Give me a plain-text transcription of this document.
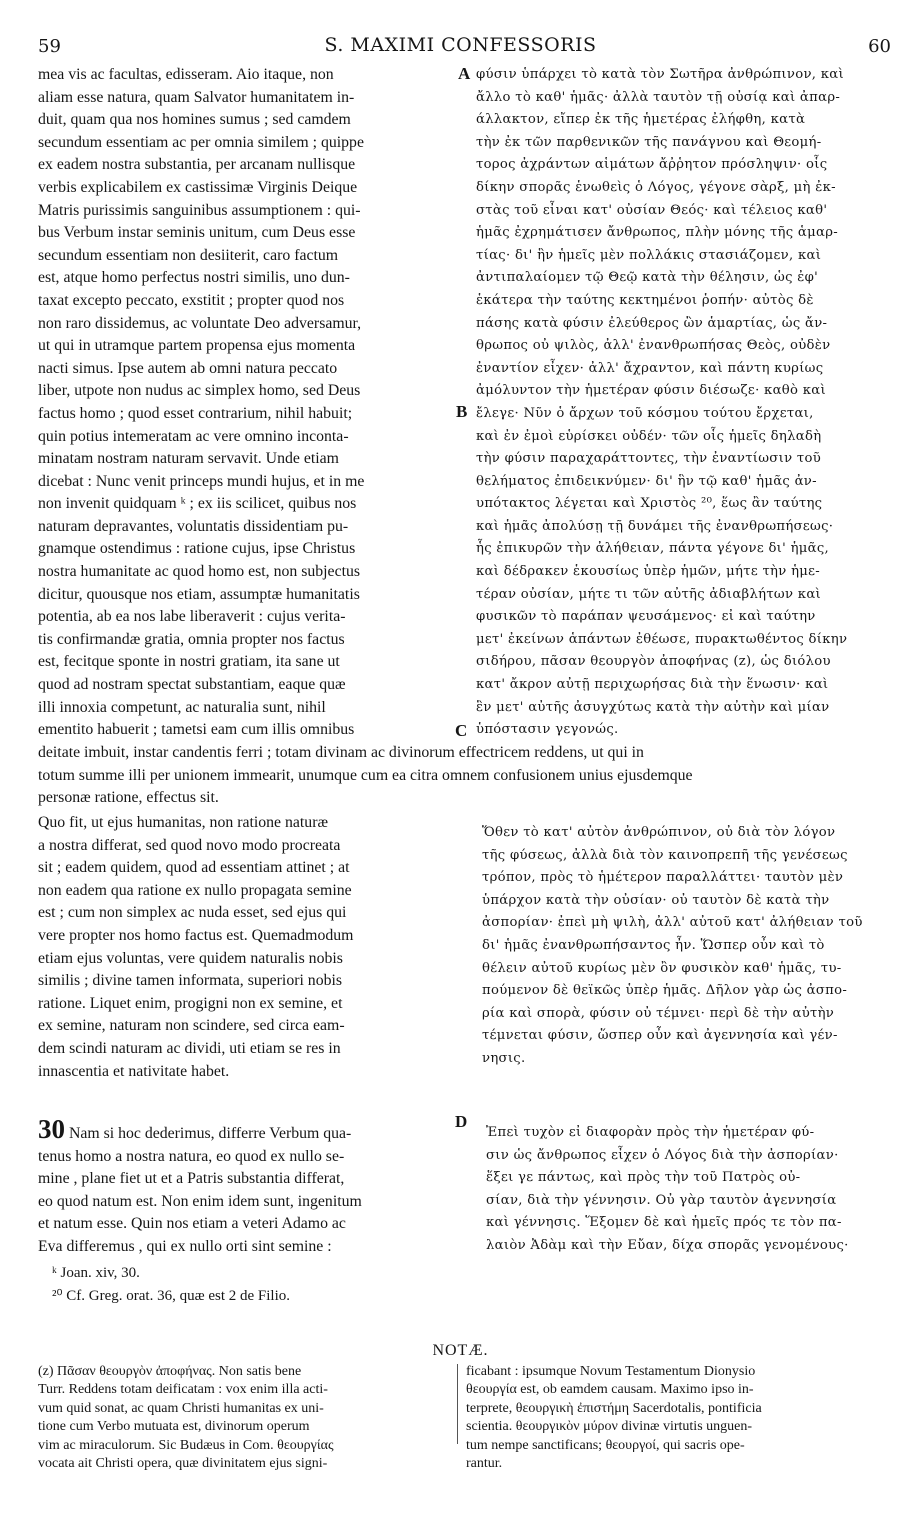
59	S. MAXIMI CONFESSORIS	60
mea vis ac facultas, edisseram. Aio itaque, non
aliam esse natura, quam Salvator humanitatem in-
duit, quam qua nos homines sumus ; sed camdem
secundum essentiam ac per omnia similem ; quippe
ex eadem nostra substantia, per arcanam nullisque
verbis explicabilem ex castissimæ Virginis Deique
Matris purissimis sanguinibus assumptionem : qui-
bus Verbum instar seminis unitum, cum Deus esse
secundum essentiam non desiiterit, caro factum
est, atque homo perfectus nostri similis, uno dun-
taxat excepto peccato, exstitit ; propter quod nos
non raro dissidemus, ac voluntate Deo adversamur,
ut qui in utramque partem propensa ejus momenta
nacti simus. Ipse autem ab omni natura peccato
liber, utpote non nudus ac simplex homo, sed Deus
factus homo ; quod esset contrarium, nihil habuit;
quin potius intemeratam ac vere omnino inconta-
minatam nostram naturam servavit. Unde etiam
dicebat : Nunc venit princeps mundi hujus, et in me
non invenit quidquam ᵏ ; ex iis scilicet, quibus nos
naturam depravantes, voluntatis dissidentiam pu-
gnamque ostendimus : ratione cujus, ipse Christus
nostra humanitate ac quod homo est, non subjectus
dicitur, quousque nos etiam, assumptæ humanitatis
potentia, ab ea nos labe liberaverit : cujus verita-
tis confirmandæ gratia, omnia propter nos factus
est, fecitque sponte in nostri gratiam, ita sane ut
quod ad nostram spectat substantiam, eaque quæ
illi innoxia competunt, ac naturalia sunt, nihil
ementito habuerit ; tametsi eam cum illis omnibus
φύσιν ὑπάρχει τὸ κατὰ τὸν Σωτῆρα ἀνθρώπινον, καὶ
ἄλλο τὸ καθ' ἡμᾶς· ἀλλὰ ταυτὸν τῇ οὐσίᾳ καὶ ἀπαρ-
άλλακτον, εἴπερ ἐκ τῆς ἡμετέρας ἐλήφθη, κατὰ
τὴν ἐκ τῶν παρθενικῶν τῆς πανάγνου καὶ Θεομή-
τορος ἀχράντων αἱμάτων ἄῤῥητον πρόσληψιν· οἷς
δίκην σπορᾶς ἑνωθεὶς ὁ Λόγος, γέγονε σὰρξ, μὴ ἐκ-
στὰς τοῦ εἶναι κατ' οὐσίαν Θεός· καὶ τέλειος καθ'
ἡμᾶς ἐχρημάτισεν ἄνθρωπος, πλὴν μόνης τῆς ἁμαρ-
τίας· δι' ἣν ἡμεῖς μὲν πολλάκις στασιάζομεν, καὶ
ἀντιπαλαίομεν τῷ Θεῷ κατὰ τὴν θέλησιν, ὡς ἐφ'
ἑκάτερα τὴν ταύτης κεκτημένοι ῥοπήν· αὐτὸς δὲ
πάσης κατὰ φύσιν ἐλεύθερος ὢν ἁμαρτίας, ὡς ἄν-
θρωπος οὐ ψιλὸς, ἀλλ' ἐνανθρωπήσας Θεὸς, οὐδὲν
ἐναντίον εἶχεν· ἀλλ' ἄχραντον, καὶ πάντη κυρίως
ἀμόλυντον τὴν ἡμετέραν φύσιν διέσωζε· καθὸ καὶ
ἔλεγε· Νῦν ὁ ἄρχων τοῦ κόσμου τούτου ἔρχεται,
καὶ ἐν ἐμοὶ εὑρίσκει οὐδέν· τῶν οἷς ἡμεῖς δηλαδὴ
τὴν φύσιν παραχαράττοντες, τὴν ἐναντίωσιν τοῦ
θελήματος ἐπιδεικνύμεν· δι' ἣν τῷ καθ' ἡμᾶς ἀν-
υπότακτος λέγεται καὶ Χριστὸς ²⁰, ἕως ἂν ταύτης
καὶ ἡμᾶς ἀπολύσῃ τῇ δυνάμει τῆς ἐνανθρωπήσεως·
ἧς ἐπικυρῶν τὴν ἀλήθειαν, πάντα γέγονε δι' ἡμᾶς,
καὶ δέδρακεν ἑκουσίως ὑπὲρ ἡμῶν, μήτε τὴν ἡμε-
τέραν οὐσίαν, μήτε τι τῶν αὐτῆς ἀδιαβλήτων καὶ
φυσικῶν τὸ παράπαν ψευσάμενος· εἰ καὶ ταύτην
μετ' ἐκείνων ἁπάντων ἐθέωσε, πυρακτωθέντος δίκην
σιδήρου, πᾶσαν θεουργὸν ἀποφήνας (z), ὡς διόλου
κατ' ἄκρον αὐτῇ περιχωρήσας διὰ τὴν ἕνωσιν· καὶ
ἓν μετ' αὐτῆς ἀσυγχύτως κατὰ τὴν αὐτὴν καὶ μίαν
ὑπόστασιν γεγονώς.
A
B
C
D
deitate imbuit, instar candentis ferri ; totam divinam ac divinorum effectricem reddens, ut qui in
totum summe illi per unionem immearit, unumque cum ea citra omnem confusionem unius ejusdemque
personæ ratione, effectus sit.
Quo fit, ut ejus humanitas, non ratione naturæ
a nostra differat, sed quod novo modo procreata
sit ; eadem quidem, quod ad essentiam attinet ; at
non eadem qua ratione ex nullo propagata semine
est ; cum non simplex ac nuda esset, sed ejus qui
vere propter nos homo factus est. Quemadmodum
etiam ejus voluntas, vere quidem naturalis nobis
similis ; divine tamen informata, superiori nobis
ratione. Liquet enim, progigni non ex semine, et
ex semine, naturam non scindere, sed circa eam-
dem scindi naturam ac dividi, uti etiam se res in
innascentia et nativitate habet.
Ὅθεν τὸ κατ' αὐτὸν ἀνθρώπινον, οὐ διὰ τὸν λόγον
τῆς φύσεως, ἀλλὰ διὰ τὸν καινοπρεπῆ τῆς γενέσεως
τρόπον, πρὸς τὸ ἡμέτερον παραλλάττει· ταυτὸν μὲν
ὑπάρχον κατὰ τὴν οὐσίαν· οὐ ταυτὸν δὲ κατὰ τὴν
ἀσπορίαν· ἐπεὶ μὴ ψιλὴ, ἀλλ' αὐτοῦ κατ' ἀλήθειαν τοῦ
δι' ἡμᾶς ἐνανθρωπήσαντος ἦν. Ὥσπερ οὖν καὶ τὸ
θέλειν αὐτοῦ κυρίως μὲν ὂν φυσικὸν καθ' ἡμᾶς, τυ-
πούμενον δὲ θεϊκῶς ὑπὲρ ἡμᾶς. Δῆλον γὰρ ὡς ἀσπο-
ρία καὶ σπορὰ, φύσιν οὐ τέμνει· περὶ δὲ τὴν αὐτὴν
τέμνεται φύσιν, ὥσπερ οὖν καὶ ἀγεννησία καὶ γέν-
νησις.
30 Nam si hoc dederimus, differre Verbum qua-
tenus homo a nostra natura, eo quod ex nullo se-
mine , plane fiet ut et a Patris substantia differat,
eo quod natum est. Non enim idem sunt, ingenitum
et natum esse. Quin nos etiam a veteri Adamo ac
Eva differemus , qui ex nullo orti sint semine :
Ἐπεὶ τυχὸν εἰ διαφορὰν πρὸς τὴν ἡμετέραν φύ-
σιν ὡς ἄνθρωπος εἶχεν ὁ Λόγος διὰ τὴν ἀσπορίαν·
ἕξει γε πάντως, καὶ πρὸς τὴν τοῦ Πατρὸς οὐ-
σίαν, διὰ τὴν γέννησιν. Οὐ γὰρ ταυτὸν ἀγεννησία
καὶ γέννησις. Ἕξομεν δὲ καὶ ἡμεῖς πρός τε τὸν πα-
λαιὸν Ἀδὰμ καὶ τὴν Εὔαν, δίχα σπορᾶς γενομένους·
ᵏ Joan. xiv, 30.
²⁰ Cf. Greg. orat. 36, quæ est 2 de Filio.
NOTÆ.
(z) Πᾶσαν θεουργὸν ἀποφήνας. Non satis bene
Turr. Reddens totam deificatam : vox enim illa acti-
vum quid sonat, ac quam Christi humanitas ex uni-
tione cum Verbo mutuata est, divinorum operum
vim ac miraculorum. Sic Budæus in Com. θεουργίας
vocata ait Christi opera, quæ divinitatem ejus signi-
ficabant : ipsumque Novum Testamentum Dionysio
θεουργία est, ob eamdem causam. Maximo ipso in-
terprete, θεουργικὴ ἐπιστήμη Sacerdotalis, pontificia
scientia. θεουργικὸν μύρον divinæ virtutis unguen-
tum nempe sanctificans; θεουργοί, qui sacris ope-
rantur.
